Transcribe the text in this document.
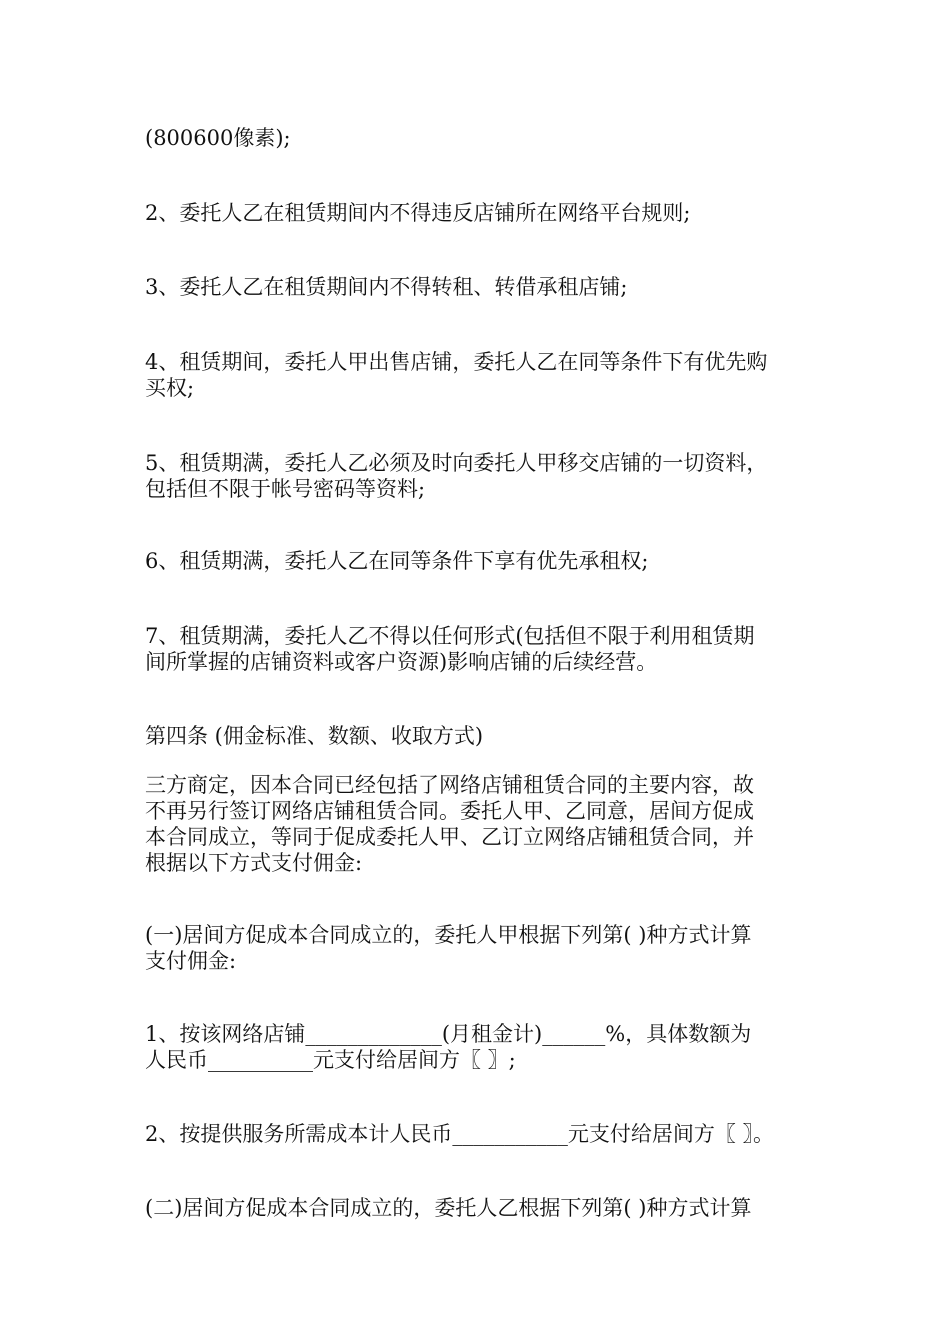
(800600像素);
2、委托人乙在租赁期间内不得违反店铺所在网络平台规则;
3、委托人乙在租赁期间内不得转租、转借承租店铺;
4、租赁期间，委托人甲出售店铺，委托人乙在同等条件下有优先购
买权;
5、租赁期满，委托人乙必须及时向委托人甲移交店铺的一切资料，
包括但不限于帐号密码等资料;
6、租赁期满，委托人乙在同等条件下享有优先承租权;
7、租赁期满，委托人乙不得以任何形式(包括但不限于利用租赁期
间所掌握的店铺资料或客户资源)影响店铺的后续经营。
第四条 (佣金标准、数额、收取方式)
三方商定，因本合同已经包括了网络店铺租赁合同的主要内容，故
不再另行签订网络店铺租赁合同。委托人甲、乙同意，居间方促成
本合同成立，等同于促成委托人甲、乙订立网络店铺租赁合同，并
根据以下方式支付佣金:
(一)居间方促成本合同成立的，委托人甲根据下列第( )种方式计算
支付佣金:
1、按该网络店铺_____________(月租金计)______%，具体数额为
人民币__________元支付给居间方〖 〗;
2、按提供服务所需成本计人民币___________元支付给居间方〖 〗。
(二)居间方促成本合同成立的，委托人乙根据下列第( )种方式计算
